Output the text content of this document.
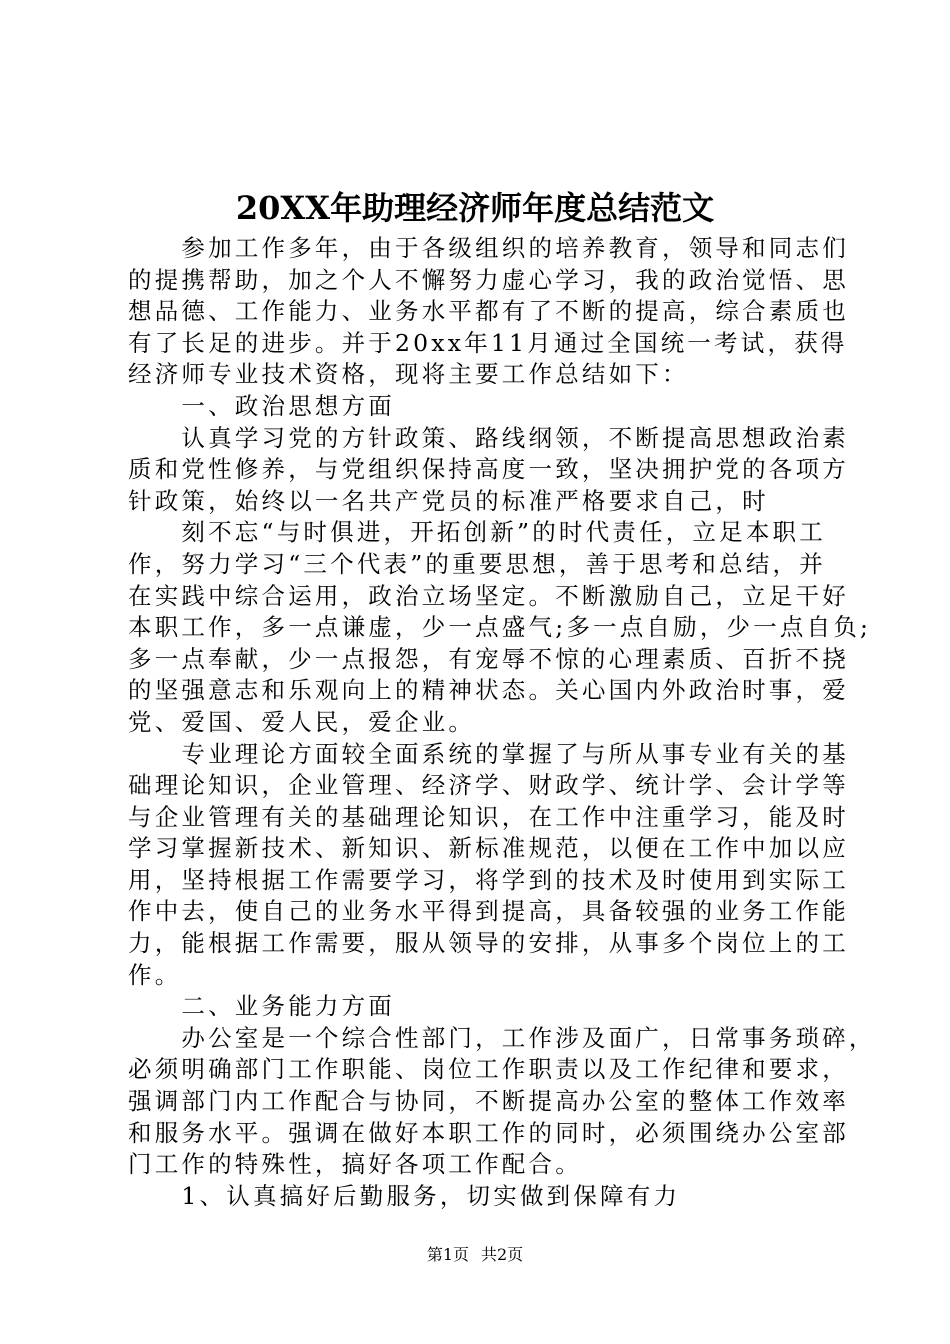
20XX年助理经济师年度总结范文
　　参加工作多年，由于各级组织的培养教育，领导和同志们
的提携帮助，加之个人不懈努力虚心学习，我的政治觉悟、思
想品德、工作能力、业务水平都有了不断的提高，综合素质也
有了长足的进步。并于20xx年11月通过全国统一考试，获得
经济师专业技术资格，现将主要工作总结如下：
　　一、政治思想方面
　　认真学习党的方针政策、路线纲领，不断提高思想政治素
质和党性修养，与党组织保持高度一致，坚决拥护党的各项方
针政策，始终以一名共产党员的标准严格要求自己，时
　　刻不忘“与时俱进，开拓创新”的时代责任，立足本职工
作，努力学习“三个代表”的重要思想，善于思考和总结，并
在实践中综合运用，政治立场坚定。不断激励自己，立足干好
本职工作，多一点谦虚，少一点盛气;多一点自励，少一点自负;
多一点奉献，少一点报怨，有宠辱不惊的心理素质、百折不挠
的坚强意志和乐观向上的精神状态。关心国内外政治时事，爱
党、爱国、爱人民，爱企业。
　　专业理论方面较全面系统的掌握了与所从事专业有关的基
础理论知识，企业管理、经济学、财政学、统计学、会计学等
与企业管理有关的基础理论知识，在工作中注重学习，能及时
学习掌握新技术、新知识、新标准规范，以便在工作中加以应
用，坚持根据工作需要学习，将学到的技术及时使用到实际工
作中去，使自己的业务水平得到提高，具备较强的业务工作能
力，能根据工作需要，服从领导的安排，从事多个岗位上的工
作。
　　二、业务能力方面
　　办公室是一个综合性部门，工作涉及面广，日常事务琐碎，
必须明确部门工作职能、岗位工作职责以及工作纪律和要求，
强调部门内工作配合与协同，不断提高办公室的整体工作效率
和服务水平。强调在做好本职工作的同时，必须围绕办公室部
门工作的特殊性，搞好各项工作配合。
　　1、认真搞好后勤服务，切实做到保障有力
第1页 共2页
